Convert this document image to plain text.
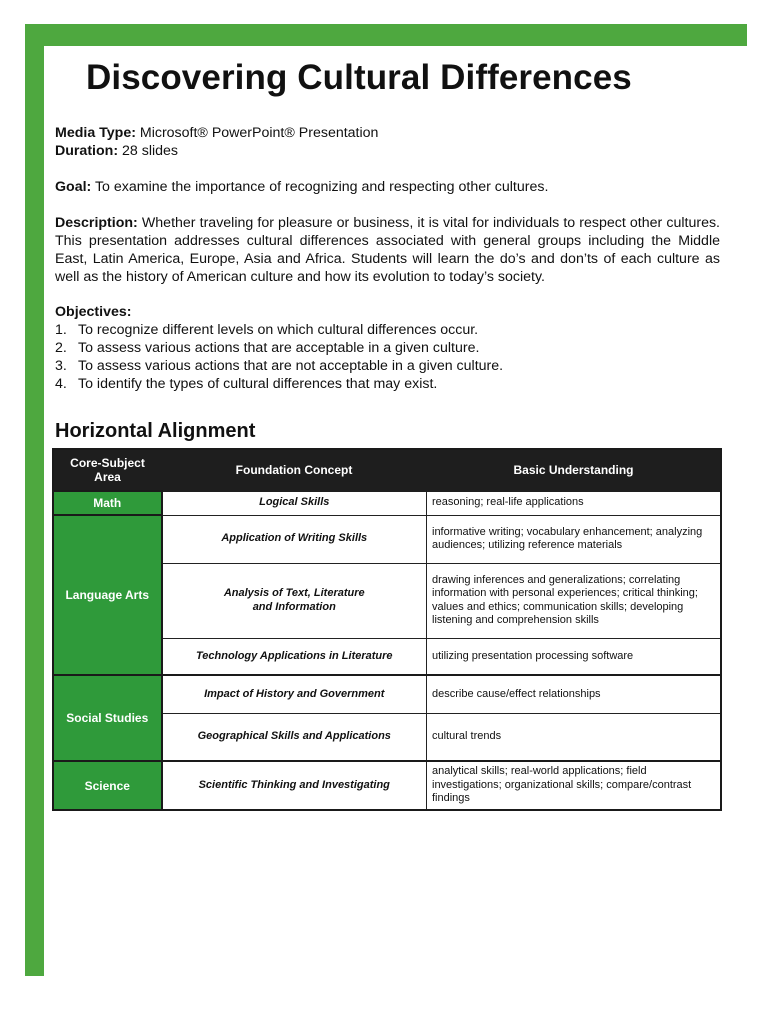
Discovering Cultural Differences

Media Type: Microsoft® PowerPoint® Presentation

Duration: 28 slides

Goal: To examine the importance of recognizing and respecting other cultures.

Description: Whether traveling for pleasure or business, it is vital for individuals to respect other cultures. This presentation addresses cultural differences associated with general groups including the Middle East, Latin America, Europe, Asia and Africa. Students will learn the do’s and don’ts of each culture as well as the history of American culture and how its evolution to today’s society.

Objectives:

1. To recognize different levels on which cultural differences occur.
2. To assess various actions that are acceptable in a given culture.
3. To assess various actions that are not acceptable in a given culture.
4. To identify the types of cultural differences that may exist.
Horizontal Alignment
Core-Subject Area	Foundation Concept	Basic Understanding
Math	Logical Skills	reasoning; real-life applications
Language Arts	Application of Writing Skills	informative writing; vocabulary enhancement; analyzing audiences; utilizing reference materials
	Analysis of Text, Literature and Information	drawing inferences and generalizations; correlating information with personal experiences; critical thinking; values and ethics; communication skills; developing listening and comprehension skills
	Technology Applications in Literature	utilizing presentation processing software
Social Studies	Impact of History and Government	describe cause/effect relationships
	Geographical Skills and Applications	cultural trends
Science	Scientific Thinking and Investigating	analytical skills; real-world applications; field investigations; organizational skills; compare/contrast findings
